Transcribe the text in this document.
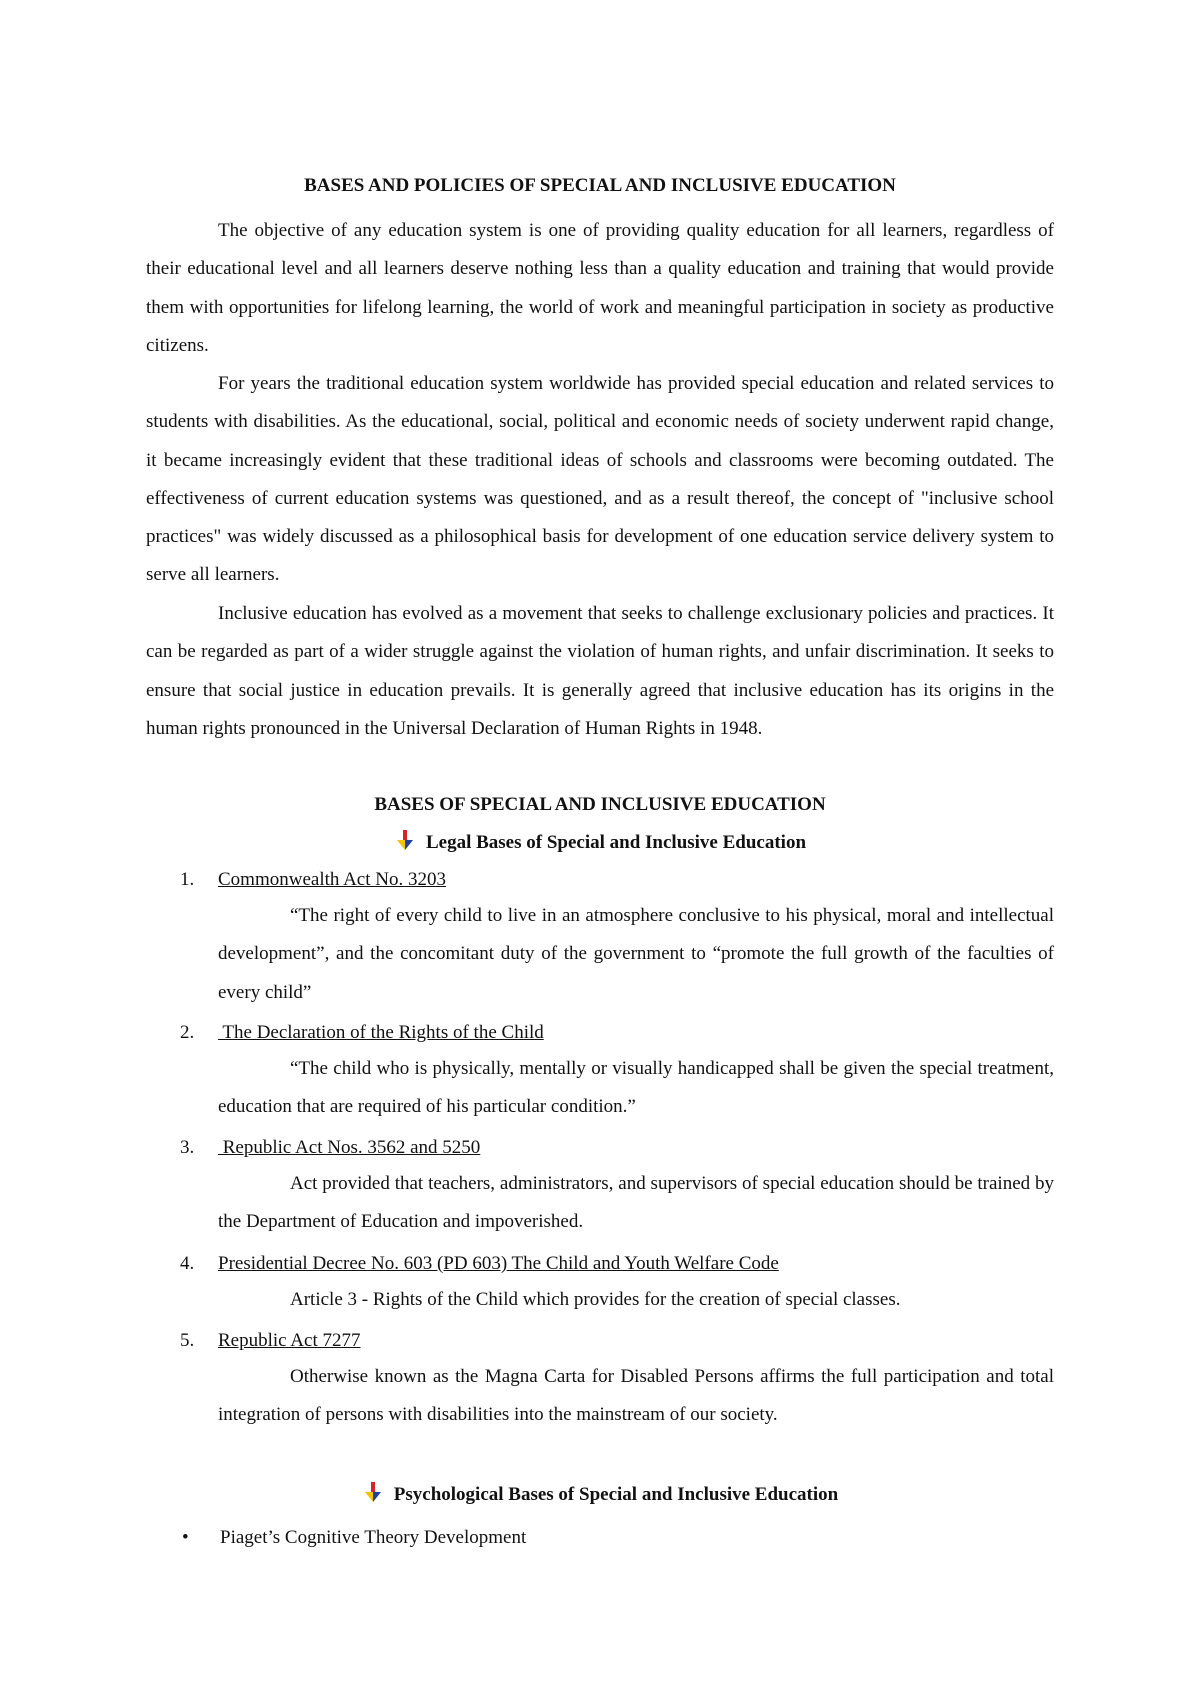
BASES AND POLICIES OF SPECIAL AND INCLUSIVE EDUCATION

The objective of any education system is one of providing quality education for all learners, regardless of their educational level and all learners deserve nothing less than a quality education and training that would provide them with opportunities for lifelong learning, the world of work and meaningful participation in society as productive citizens.

For years the traditional education system worldwide has provided special education and related services to students with disabilities. As the educational, social, political and economic needs of society underwent rapid change, it became increasingly evident that these traditional ideas of schools and classrooms were becoming outdated. The effectiveness of current education systems was questioned, and as a result thereof, the concept of "inclusive school practices" was widely discussed as a philosophical basis for development of one education service delivery system to serve all learners.

Inclusive education has evolved as a movement that seeks to challenge exclusionary policies and practices. It can be regarded as part of a wider struggle against the violation of human rights, and unfair discrimination. It seeks to ensure that social justice in education prevails. It is generally agreed that inclusive education has its origins in the human rights pronounced in the Universal Declaration of Human Rights in 1948.

BASES OF SPECIAL AND INCLUSIVE EDUCATION
Legal Bases of Special and Inclusive Education
1. Commonwealth Act No. 3203

“The right of every child to live in an atmosphere conclusive to his physical, moral and intellectual development”, and the concomitant duty of the government to “promote the full growth of the faculties of every child”

2. The Declaration of the Rights of the Child

“The child who is physically, mentally or visually handicapped shall be given the special treatment, education that are required of his particular condition.”

3. Republic Act Nos. 3562 and 5250

Act provided that teachers, administrators, and supervisors of special education should be trained by the Department of Education and impoverished.

4. Presidential Decree No. 603 (PD 603) The Child and Youth Welfare Code

Article 3 - Rights of the Child which provides for the creation of special classes.

5. Republic Act 7277

Otherwise known as the Magna Carta for Disabled Persons affirms the full participation and total integration of persons with disabilities into the mainstream of our society.

Psychological Bases of Special and Inclusive Education
• Piaget’s Cognitive Theory Development
